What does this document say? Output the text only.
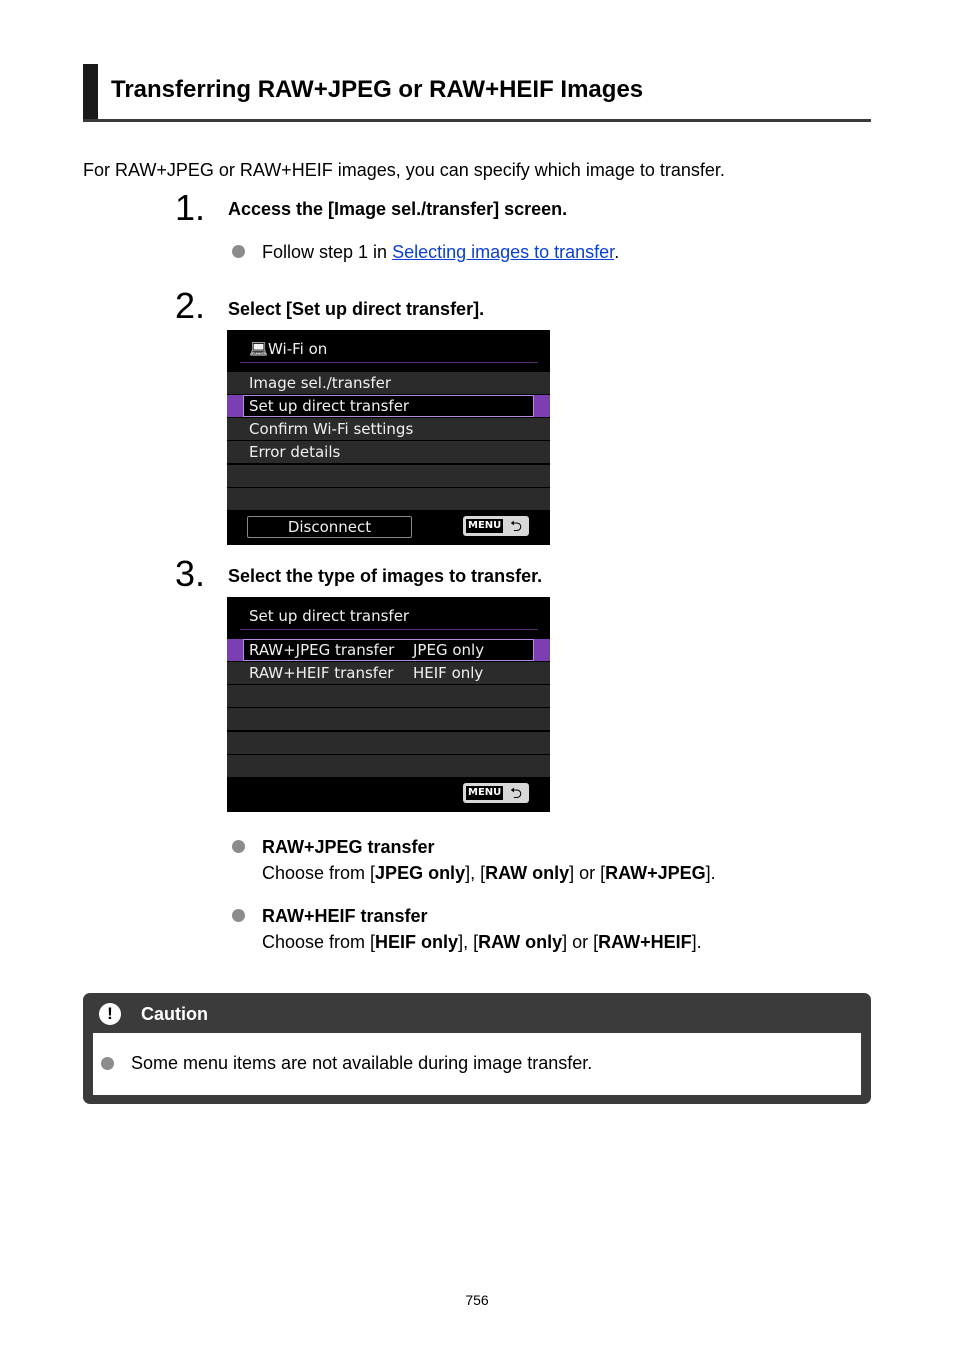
Transferring RAW+JPEG or RAW+HEIF Images
For RAW+JPEG or RAW+HEIF images, you can specify which image to transfer.
1. Access the [Image sel./transfer] screen.
Follow step 1 in Selecting images to transfer.
2. Select [Set up direct transfer].
💻︎Wi-Fi on
Image sel./transfer
Set up direct transfer
Confirm Wi-Fi settings
Error details
Disconnect	MENU ⮌
3. Select the type of images to transfer.
Set up direct transfer
RAW+JPEG transfer JPEG only
RAW+HEIF transfer HEIF only
MENU ⮌
RAW+JPEG transfer
Choose from [JPEG only], [RAW only] or [RAW+JPEG].
RAW+HEIF transfer
Choose from [HEIF only], [RAW only] or [RAW+HEIF].
!	Caution
Some menu items are not available during image transfer.
756
